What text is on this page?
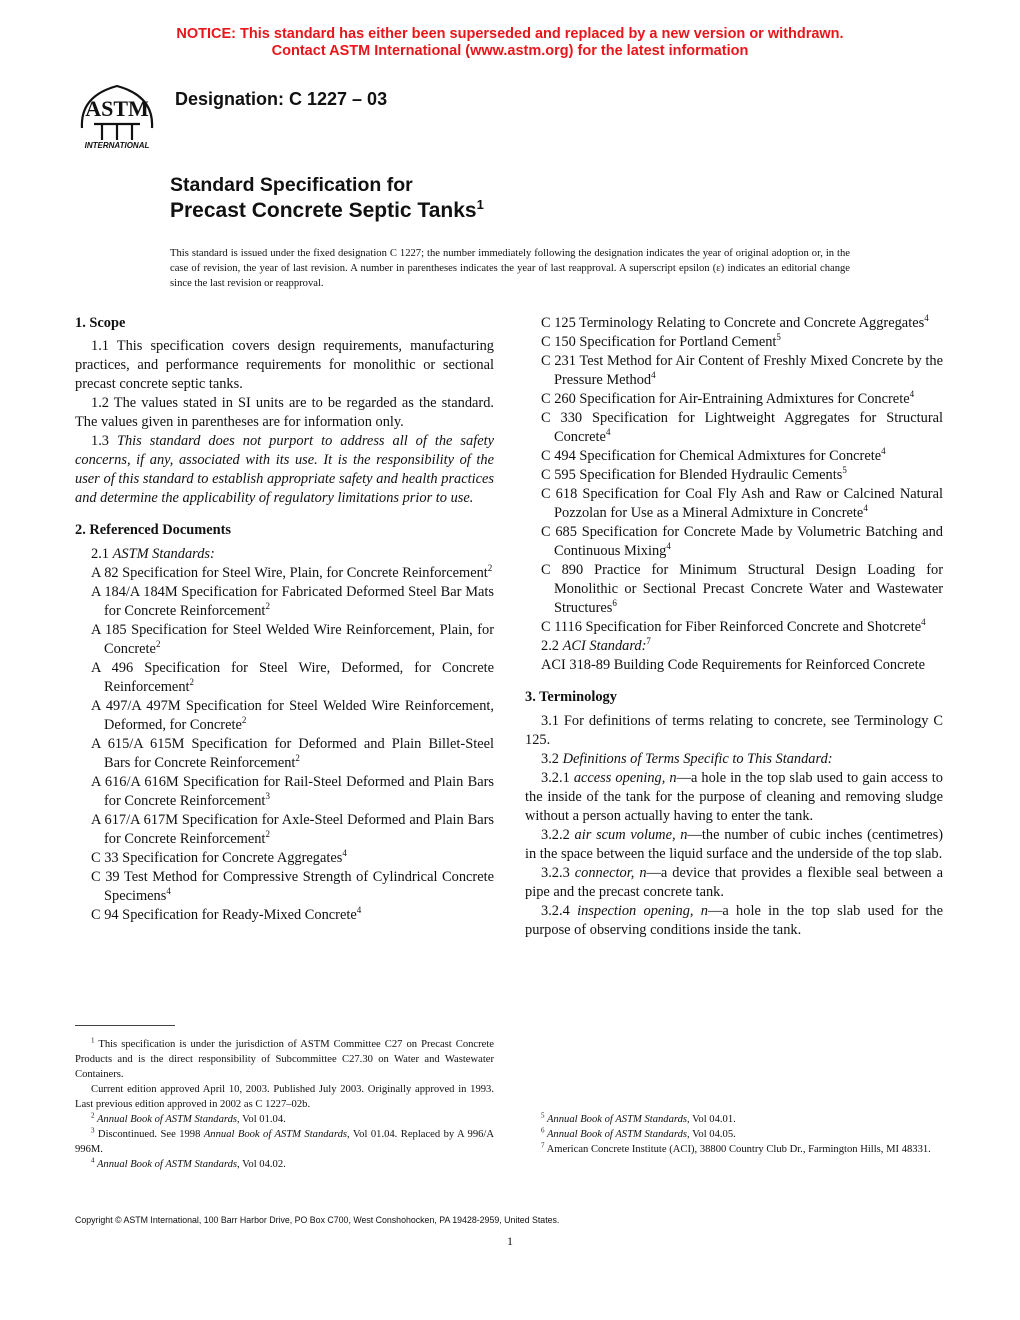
NOTICE: This standard has either been superseded and replaced by a new version or withdrawn.
Contact ASTM International (www.astm.org) for the latest information
ASTM
INTERNATIONAL
Designation: C 1227 – 03
Standard Specification for
Precast Concrete Septic Tanks$^1$
This standard is issued under the fixed designation C 1227; the number immediately following the designation indicates the year of original adoption or, in the case of revision, the year of last revision. A number in parentheses indicates the year of last reapproval. A superscript epsilon (ε) indicates an editorial change since the last revision or reapproval.

1. Scope

1.1 This specification covers design requirements, manufacturing practices, and performance requirements for monolithic or sectional precast concrete septic tanks.

1.2 The values stated in SI units are to be regarded as the standard. The values given in parentheses are for information only.

1.3 This standard does not purport to address all of the safety concerns, if any, associated with its use. It is the responsibility of the user of this standard to establish appropriate safety and health practices and determine the applicability of regulatory limitations prior to use.

2. Referenced Documents

2.1 ASTM Standards:

A 82 Specification for Steel Wire, Plain, for Concrete Reinforcement$^2$

A 184/A 184M Specification for Fabricated Deformed Steel Bar Mats for Concrete Reinforcement$^2$

A 185 Specification for Steel Welded Wire Reinforcement, Plain, for Concrete$^2$

A 496 Specification for Steel Wire, Deformed, for Concrete Reinforcement$^2$

A 497/A 497M Specification for Steel Welded Wire Reinforcement, Deformed, for Concrete$^2$

A 615/A 615M Specification for Deformed and Plain Billet-Steel Bars for Concrete Reinforcement$^2$

A 616/A 616M Specification for Rail-Steel Deformed and Plain Bars for Concrete Reinforcement$^3$

A 617/A 617M Specification for Axle-Steel Deformed and Plain Bars for Concrete Reinforcement$^2$

C 33 Specification for Concrete Aggregates$^4$

C 39 Test Method for Compressive Strength of Cylindrical Concrete Specimens$^4$

C 94 Specification for Ready-Mixed Concrete$^4$

C 125 Terminology Relating to Concrete and Concrete Aggregates$^4$

C 150 Specification for Portland Cement$^5$

C 231 Test Method for Air Content of Freshly Mixed Concrete by the Pressure Method$^4$

C 260 Specification for Air-Entraining Admixtures for Concrete$^4$

C 330 Specification for Lightweight Aggregates for Structural Concrete$^4$

C 494 Specification for Chemical Admixtures for Concrete$^4$

C 595 Specification for Blended Hydraulic Cements$^5$

C 618 Specification for Coal Fly Ash and Raw or Calcined Natural Pozzolan for Use as a Mineral Admixture in Concrete$^4$

C 685 Specification for Concrete Made by Volumetric Batching and Continuous Mixing$^4$

C 890 Practice for Minimum Structural Design Loading for Monolithic or Sectional Precast Concrete Water and Wastewater Structures$^6$

C 1116 Specification for Fiber Reinforced Concrete and Shotcrete$^4$

2.2 ACI Standard:$^7$

ACI 318-89 Building Code Requirements for Reinforced Concrete

3. Terminology

3.1 For definitions of terms relating to concrete, see Terminology C 125.

3.2 Definitions of Terms Specific to This Standard:

3.2.1 access opening, n—a hole in the top slab used to gain access to the inside of the tank for the purpose of cleaning and removing sludge without a person actually having to enter the tank.

3.2.2 air scum volume, n—the number of cubic inches (centimetres) in the space between the liquid surface and the underside of the top slab.

3.2.3 connector, n—a device that provides a flexible seal between a pipe and the precast concrete tank.

3.2.4 inspection opening, n—a hole in the top slab used for the purpose of observing conditions inside the tank.

$^1$ This specification is under the jurisdiction of ASTM Committee C27 on Precast Concrete Products and is the direct responsibility of Subcommittee C27.30 on Water and Wastewater Containers.

Current edition approved April 10, 2003. Published July 2003. Originally approved in 1993. Last previous edition approved in 2002 as C 1227–02b.

$^2$ Annual Book of ASTM Standards, Vol 01.04.

$^3$ Discontinued. See 1998 Annual Book of ASTM Standards, Vol 01.04. Replaced by A 996/A 996M.

$^4$ Annual Book of ASTM Standards, Vol 04.02.

$^5$ Annual Book of ASTM Standards, Vol 04.01.

$^6$ Annual Book of ASTM Standards, Vol 04.05.

$^7$ American Concrete Institute (ACI), 38800 Country Club Dr., Farmington Hills, MI 48331.

Copyright © ASTM International, 100 Barr Harbor Drive, PO Box C700, West Conshohocken, PA 19428-2959, United States.
1
